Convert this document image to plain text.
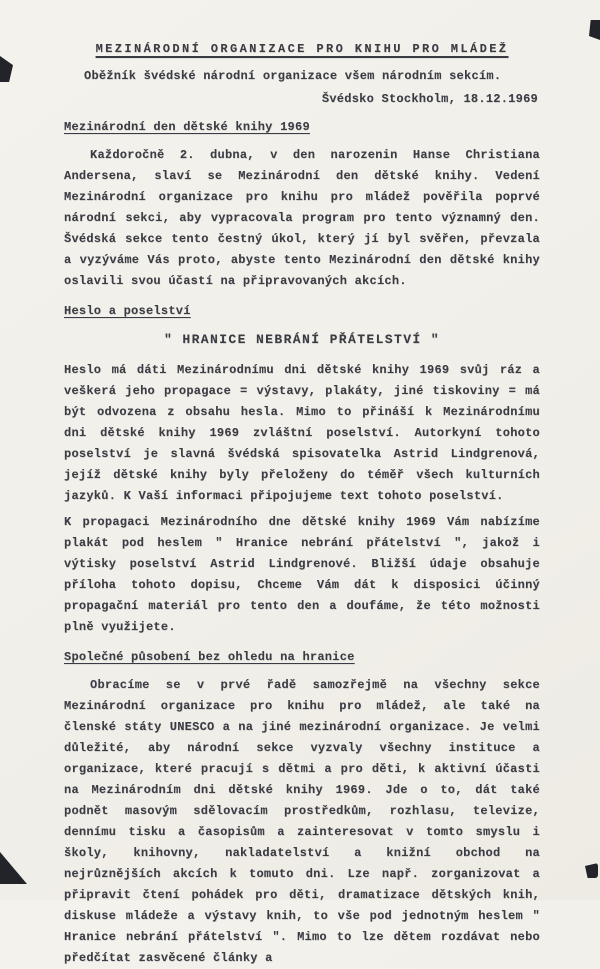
MEZINÁRODNÍ ORGANIZACE PRO KNIHU PRO MLÁDEŽ
Oběžník švédské národní organizace všem národním sekcím.
Švédsko Stockholm, 18.12.1969
Mezinárodní den dětské knihy 1969

Každoročně 2. dubna, v den narozenin Hanse Christiana Andersena, slaví se Mezinárodní den dětské knihy. Vedení Mezinárodní organizace pro knihu pro mládež pověřila poprvé národní sekci, aby vypracovala program pro tento významný den. Švédská sekce tento čestný úkol, který jí byl svěřen, převzala a vyzýváme Vás proto, abyste tento Mezinárodní den dětské knihy oslavili svou účastí na připravovaných akcích.

Heslo a poselství
" HRANICE NEBRÁNÍ PŘÁTELSTVÍ "

Heslo má dáti Mezinárodnímu dni dětské knihy 1969 svůj ráz a veškerá jeho propagace = výstavy, plakáty, jiné tiskoviny = má být odvozena z obsahu hesla. Mimo to přináší k Mezinárodnímu dni dětské knihy 1969 zvláštní poselství. Autorkyní tohoto poselství je slavná švédská spisovatelka Astrid Lindgrenová, jejíž dětské knihy byly přeloženy do téměř všech kulturních jazyků. K Vaší informaci připojujeme text tohoto poselství.

K propagaci Mezinárodního dne dětské knihy 1969 Vám nabízíme plakát pod heslem " Hranice nebrání přátelství ", jakož i výtisky poselství Astrid Lindgrenové. Bližší údaje obsahuje příloha tohoto dopisu, Chceme Vám dát k disposici účinný propagační materiál pro tento den a doufáme, že této možnosti plně využijete.

Společné působení bez ohledu na hranice

Obracíme se v prvé řadě samozřejmě na všechny sekce Mezinárodní organizace pro knihu pro mládež, ale také na členské státy UNESCO a na jiné mezinárodní organizace. Je velmi důležité, aby národní sekce vyzvaly všechny instituce a organizace, které pracují s dětmi a pro děti, k aktivní účasti na Mezinárodním dni dětské knihy 1969. Jde o to, dát také podnět masovým sdělovacím prostředkům, rozhlasu, televize, dennímu tisku a časopisům a zainteresovat v tomto smyslu i školy, knihovny, nakladatelství a knižní obchod na nejrůznějších akcích k tomuto dni. Lze např. zorganizovat a připravit čtení pohádek pro děti, dramatizace dětských knih, diskuse mládeže a výstavy knih, to vše pod jednotným heslem " Hranice nebrání přátelství ". Mimo to lze dětem rozdávat nebo předčítat zasvěcené články a
